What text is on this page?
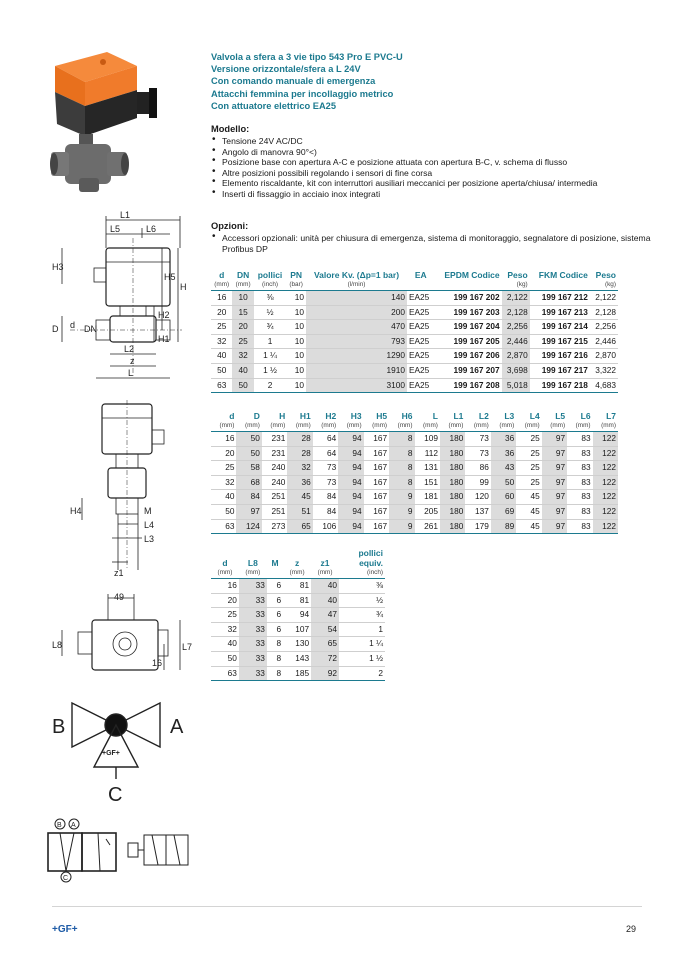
Valvola a sfera a 3 vie tipo 543 Pro E PVC-U
Versione orizzontale/sfera a L 24V
Con comando manuale di emergenza
Attacchi femmina per incollaggio metrico
Con attuatore elettrico EA25
Modello:
• Tensione 24V AC/DC
• Angolo di manovra 90°<)
• Posizione base con apertura A-C e posizione attuata con apertura B-C, v. schema di flusso
• Altre posizioni possibili regolando i sensori di fine corsa
• Elemento riscaldante, kit con interruttori ausiliari meccanici per posizione aperta/chiusa/ intermedia
• Inserti di fissaggio in acciaio inox integrati
Opzioni:
• Accessori opzionali: unità per chiusura di emergenza, sistema di monitoraggio, segnalatore di posizione, sistema Profibus DP
d	DN	pollici	PN	Valore Kv. (Δp=1 bar)	EA	EPDM Codice	Peso	FKM Codice	Peso

(mm)	(mm)	(inch)	(bar)	(l/min)			(kg)		(kg)

16	10	⅜	10	140	EA25	199 167 202	2,122	199 167 212	2,122
20	15	½	10	200	EA25	199 167 203	2,128	199 167 213	2,128
25	20	¾	10	470	EA25	199 167 204	2,256	199 167 214	2,256
32	25	1	10	793	EA25	199 167 205	2,446	199 167 215	2,446
40	32	1 ¼	10	1290	EA25	199 167 206	2,870	199 167 216	2,870
50	40	1 ½	10	1910	EA25	199 167 207	3,698	199 167 217	3,322
63	50	2	10	3100	EA25	199 167 208	5,018	199 167 218	4,683
d	D	H	H1	H2	H3	H5	H6	L	L1	L2	L3	L4	L5	L6	L7

(mm)	(mm)	(mm)	(mm)	(mm)	(mm)	(mm)	(mm)	(mm)	(mm)	(mm)	(mm)	(mm)	(mm)	(mm)	(mm)

16	50	231	28	64	94	167	8	109	180	73	36	25	97	83	122
20	50	231	28	64	94	167	8	112	180	73	36	25	97	83	122
25	58	240	32	73	94	167	8	131	180	86	43	25	97	83	122
32	68	240	36	73	94	167	8	151	180	99	50	25	97	83	122
40	84	251	45	84	94	167	9	181	180	120	60	45	97	83	122
50	97	251	51	84	94	167	9	205	180	137	69	45	97	83	122
63	124	273	65	106	94	167	9	261	180	179	89	45	97	83	122
d	L8	M	z	z1	pollici equiv.

(mm)	(mm)		(mm)	(mm)	(inch)

16	33	6	81	40	⅜
20	33	6	81	40	½
25	33	6	94	47	¾
32	33	6	107	54	1
40	33	8	130	65	1 ¼
50	33	8	143	72	1 ½
63	33	8	185	92	2
L1
L5	L6
H3
H5
H
H2
H1
D d DN
L2
z
L
H4	M
L4
L3
z1
49
L8	L7
16
B	A
C
+GF+
B A
C
+GF+	29
